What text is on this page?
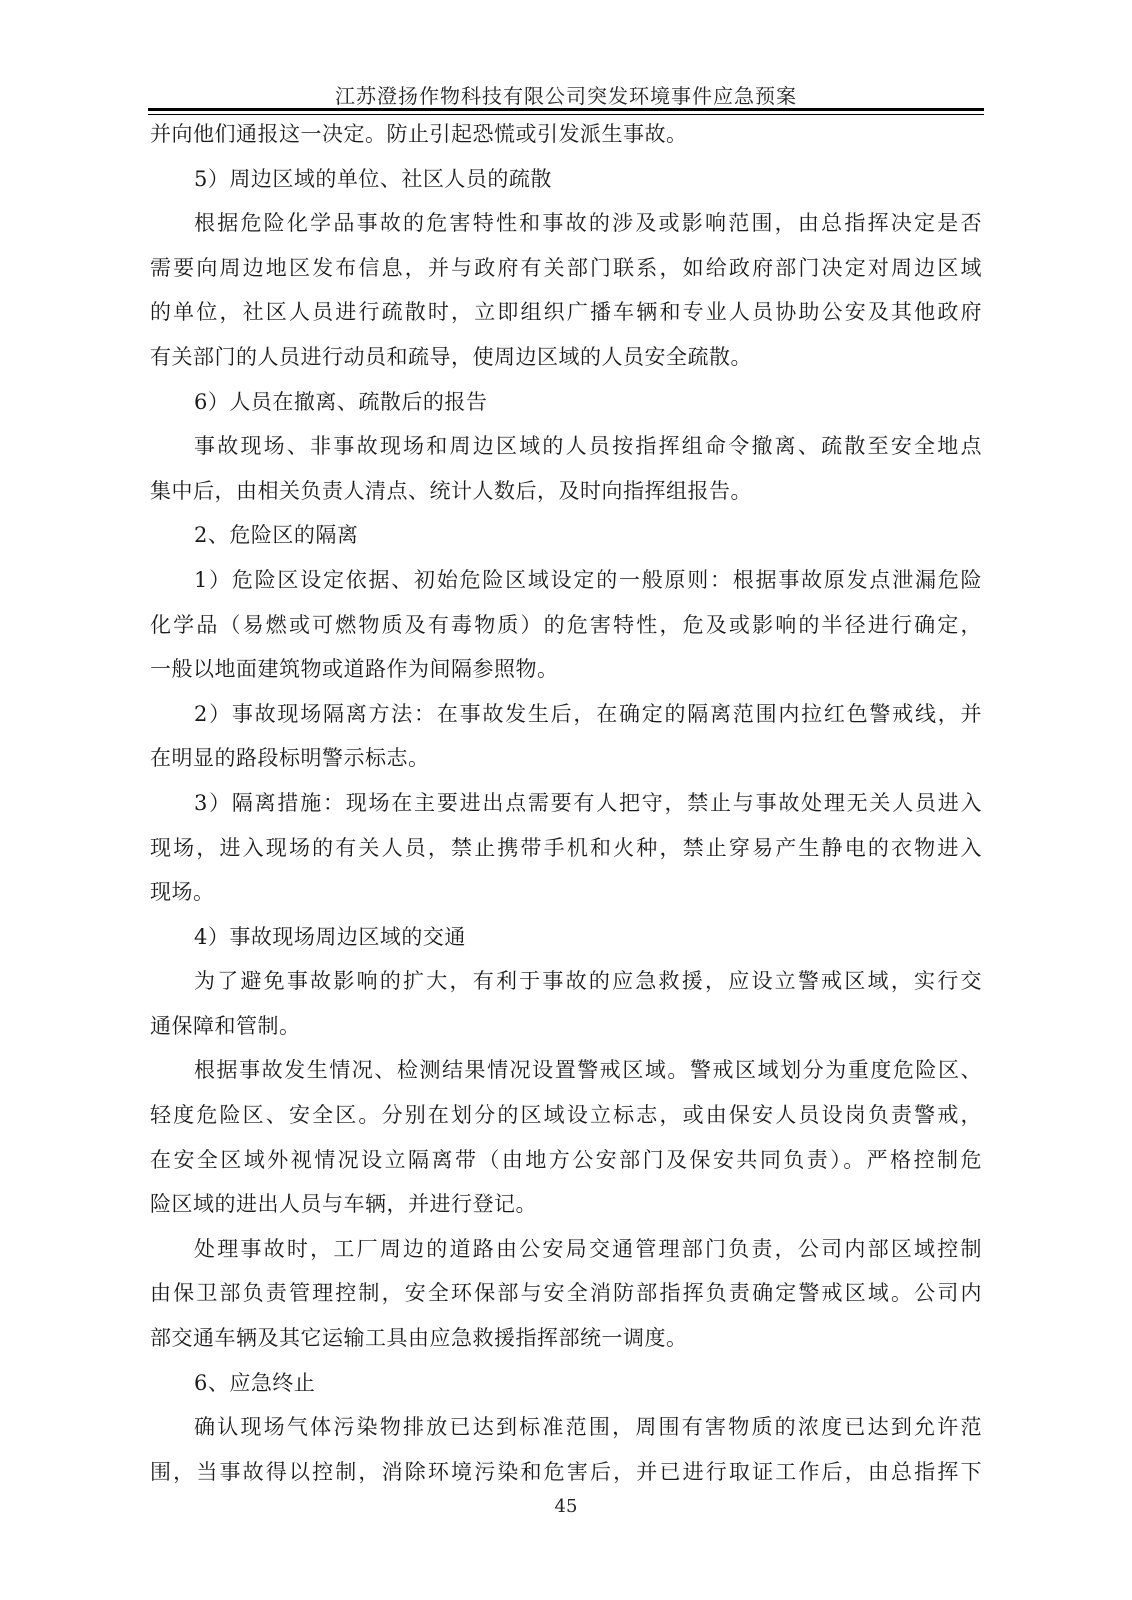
江苏澄扬作物科技有限公司突发环境事件应急预案
并向他们通报这一决定。防止引起恐慌或引发派生事故。
5）周边区域的单位、社区人员的疏散
根据危险化学品事故的危害特性和事故的涉及或影响范围，由总指挥决定是否
需要向周边地区发布信息，并与政府有关部门联系，如给政府部门决定对周边区域
的单位，社区人员进行疏散时，立即组织广播车辆和专业人员协助公安及其他政府
有关部门的人员进行动员和疏导，使周边区域的人员安全疏散。
6）人员在撤离、疏散后的报告
事故现场、非事故现场和周边区域的人员按指挥组命令撤离、疏散至安全地点
集中后，由相关负责人清点、统计人数后，及时向指挥组报告。
2、危险区的隔离
1）危险区设定依据、初始危险区域设定的一般原则：根据事故原发点泄漏危险
化学品（易燃或可燃物质及有毒物质）的危害特性，危及或影响的半径进行确定，
一般以地面建筑物或道路作为间隔参照物。
2）事故现场隔离方法：在事故发生后，在确定的隔离范围内拉红色警戒线，并
在明显的路段标明警示标志。
3）隔离措施：现场在主要进出点需要有人把守，禁止与事故处理无关人员进入
现场，进入现场的有关人员，禁止携带手机和火种，禁止穿易产生静电的衣物进入
现场。
4）事故现场周边区域的交通
为了避免事故影响的扩大，有利于事故的应急救援，应设立警戒区域，实行交
通保障和管制。
根据事故发生情况、检测结果情况设置警戒区域。警戒区域划分为重度危险区、
轻度危险区、安全区。分别在划分的区域设立标志，或由保安人员设岗负责警戒，
在安全区域外视情况设立隔离带（由地方公安部门及保安共同负责）。严格控制危
险区域的进出人员与车辆，并进行登记。
处理事故时，工厂周边的道路由公安局交通管理部门负责，公司内部区域控制
由保卫部负责管理控制，安全环保部与安全消防部指挥负责确定警戒区域。公司内
部交通车辆及其它运输工具由应急救援指挥部统一调度。
6、应急终止
确认现场气体污染物排放已达到标准范围，周围有害物质的浓度已达到允许范
围，当事故得以控制，消除环境污染和危害后，并已进行取证工作后，由总指挥下
45
